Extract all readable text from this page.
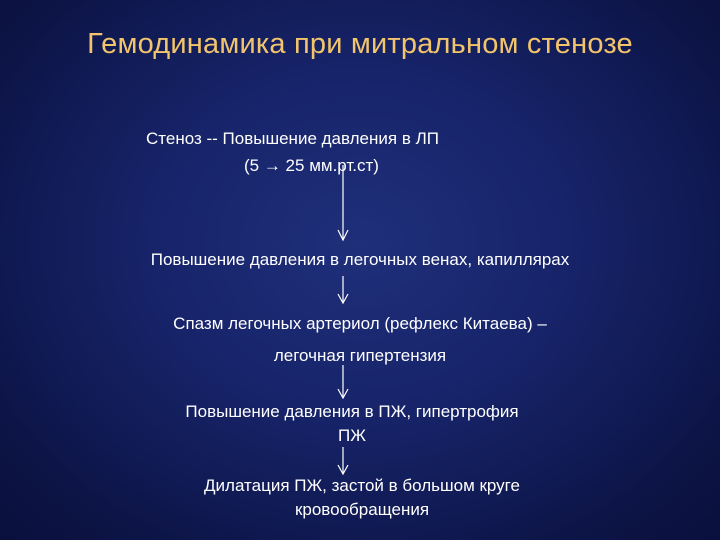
Гемодинамика при митральном стенозе
Стеноз -- Повышение давления в ЛП
(5 → 25 мм.рт.ст)
Повышение давления в легочных венах, капиллярах
Спазм легочных артериол (рефлекс Китаева) –
легочная гипертензия
Повышение давления в ПЖ, гипертрофия
ПЖ
Дилатация ПЖ, застой в большом круге
кровообращения
